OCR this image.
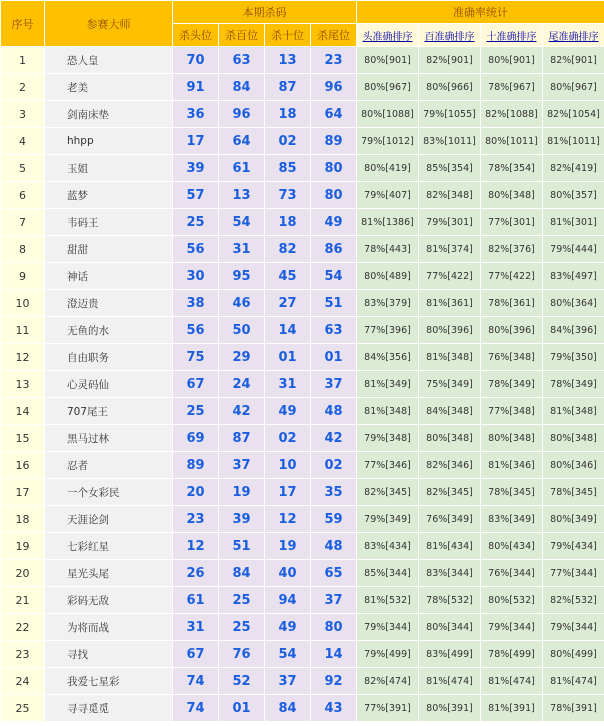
序号	参赛大师	本期杀码				准确率统计			
		杀头位	杀百位	杀十位	杀尾位	头准确排序	百准确排序	十准确排序	尾准确排序
1	恐人皇	70	63	13	23	80%[901]	82%[901]	80%[901]	82%[901]
2	老美	91	84	87	96	80%[967]	80%[966]	78%[967]	80%[967]
3	剑南床垫	36	96	18	64	80%[1088]	79%[1055]	82%[1088]	82%[1054]
4	hhpp	17	64	02	89	79%[1012]	83%[1011]	80%[1011]	81%[1011]
5	玉姐	39	61	85	80	80%[419]	85%[354]	78%[354]	82%[419]
6	蓝梦	57	13	73	80	79%[407]	82%[348]	80%[348]	80%[357]
7	韦码王	25	54	18	49	81%[1386]	79%[301]	77%[301]	81%[301]
8	甜甜	56	31	82	86	78%[443]	81%[374]	82%[376]	79%[444]
9	神话	30	95	45	54	80%[489]	77%[422]	77%[422]	83%[497]
10	澄迈贵	38	46	27	51	83%[379]	81%[361]	78%[361]	80%[364]
11	无鱼的水	56	50	14	63	77%[396]	80%[396]	80%[396]	84%[396]
12	自由职务	75	29	01	01	84%[356]	81%[348]	76%[348]	79%[350]
13	心灵码仙	67	24	31	37	81%[349]	75%[349]	78%[349]	78%[349]
14	707尾王	25	42	49	48	81%[348]	84%[348]	77%[348]	81%[348]
15	黑马过林	69	87	02	42	79%[348]	80%[348]	80%[348]	80%[348]
16	忍者	89	37	10	02	77%[346]	82%[346]	81%[346]	80%[346]
17	一个女彩民	20	19	17	35	82%[345]	82%[345]	78%[345]	78%[345]
18	天涯论剑	23	39	12	59	79%[349]	76%[349]	83%[349]	80%[349]
19	七彩红星	12	51	19	48	83%[434]	81%[434]	80%[434]	79%[434]
20	星光头尾	26	84	40	65	85%[344]	83%[344]	76%[344]	77%[344]
21	彩码无敌	61	25	94	37	81%[532]	78%[532]	80%[532]	82%[532]
22	为将而战	31	25	49	80	79%[344]	80%[344]	79%[344]	79%[344]
23	寻找	67	76	54	14	79%[499]	83%[499]	78%[499]	80%[499]
24	我爱七星彩	74	52	37	92	82%[474]	81%[474]	81%[474]	81%[474]
25	寻寻觅觅	74	01	84	43	77%[391]	80%[391]	81%[391]	78%[391]
